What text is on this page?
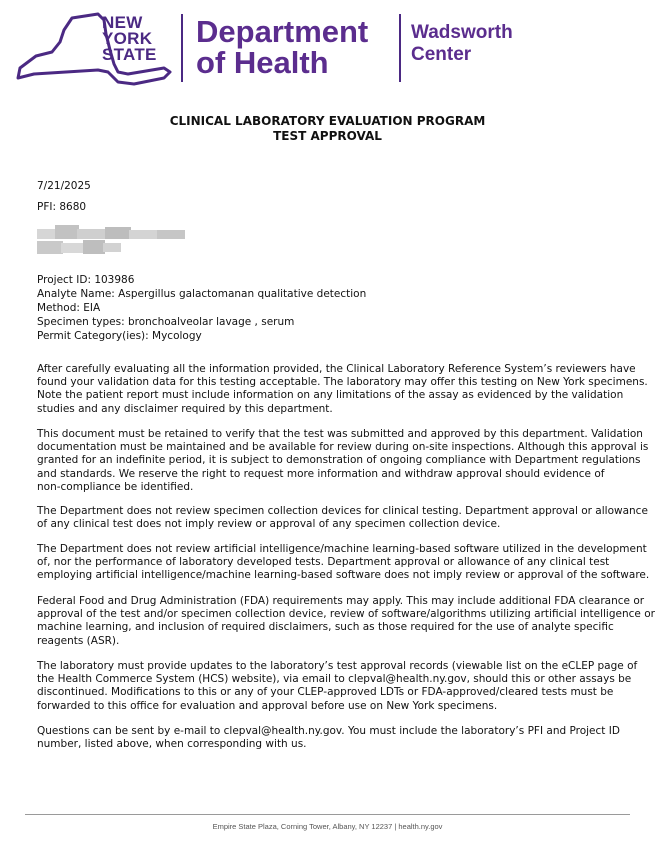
NEW
YORK
STATE
Department
of Health
Wadsworth
Center
CLINICAL LABORATORY EVALUATION PROGRAM
TEST APPROVAL
7/21/2025
PFI: 8680
Project ID: 103986
Analyte Name: Aspergillus galactomanan qualitative detection
Method: EIA
Specimen types: bronchoalveolar lavage , serum
Permit Category(ies): Mycology
After carefully evaluating all the information provided, the Clinical Laboratory Reference System’s reviewers have
found your validation data for this testing acceptable. The laboratory may offer this testing on New York specimens.
Note the patient report must include information on any limitations of the assay as evidenced by the validation
studies and any disclaimer required by this department.
This document must be retained to verify that the test was submitted and approved by this department. Validation
documentation must be maintained and be available for review during on-site inspections. Although this approval is
granted for an indefinite period, it is subject to demonstration of ongoing compliance with Department regulations
and standards. We reserve the right to request more information and withdraw approval should evidence of
non-compliance be identified.
The Department does not review specimen collection devices for clinical testing. Department approval or allowance
of any clinical test does not imply review or approval of any specimen collection device.
The Department does not review artificial intelligence/machine learning-based software utilized in the development
of, nor the performance of laboratory developed tests. Department approval or allowance of any clinical test
employing artificial intelligence/machine learning-based software does not imply review or approval of the software.
Federal Food and Drug Administration (FDA) requirements may apply. This may include additional FDA clearance or
approval of the test and/or specimen collection device, review of software/algorithms utilizing artificial intelligence or
machine learning, and inclusion of required disclaimers, such as those required for the use of analyte specific
reagents (ASR).
The laboratory must provide updates to the laboratory’s test approval records (viewable list on the eCLEP page of
the Health Commerce System (HCS) website), via email to clepval@health.ny.gov, should this or other assays be
discontinued. Modifications to this or any of your CLEP-approved LDTs or FDA-approved/cleared tests must be
forwarded to this office for evaluation and approval before use on New York specimens.
Questions can be sent by e-mail to clepval@health.ny.gov. You must include the laboratory’s PFI and Project ID
number, listed above, when corresponding with us.
Empire State Plaza, Corning Tower, Albany, NY 12237 | health.ny.gov
